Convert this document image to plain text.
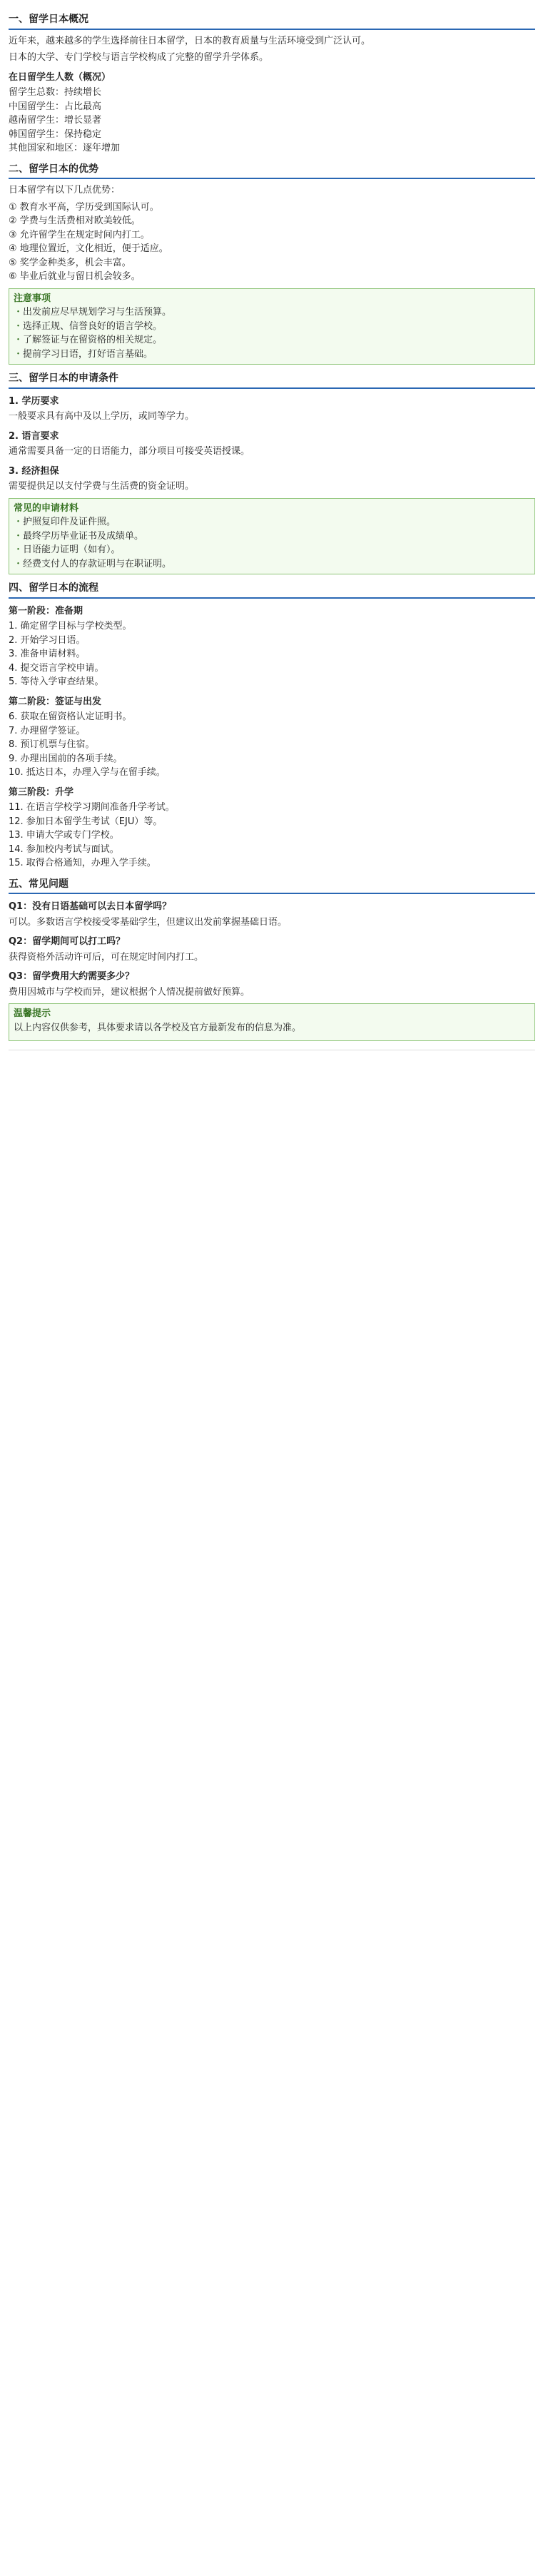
一、留学日本概况

近年来，越来越多的学生选择前往日本留学，日本的教育质量与生活环境受到广泛认可。

日本的大学、专门学校与语言学校构成了完整的留学升学体系。

在日留学生人数（概况）
留学生总数：持续增长
中国留学生：占比最高
越南留学生：增长显著
韩国留学生：保持稳定
其他国家和地区：逐年增加
二、留学日本的优势

日本留学有以下几点优势：

① 教育水平高，学历受到国际认可。
② 学费与生活费相对欧美较低。
③ 允许留学生在规定时间内打工。
④ 地理位置近，文化相近，便于适应。
⑤ 奖学金种类多，机会丰富。
⑥ 毕业后就业与留日机会较多。
注意事项
・ 出发前应尽早规划学习与生活预算。
・ 选择正规、信誉良好的语言学校。
・ 了解签证与在留资格的相关规定。
・ 提前学习日语，打好语言基础。
三、留学日本的申请条件
1. 学历要求

一般要求具有高中及以上学历，或同等学力。

2. 语言要求

通常需要具备一定的日语能力，部分项目可接受英语授课。

3. 经济担保

需要提供足以支付学费与生活费的资金证明。

常见的申请材料
・ 护照复印件及证件照。
・ 最终学历毕业证书及成绩单。
・ 日语能力证明（如有）。
・ 经费支付人的存款证明与在职证明。
四、留学日本的流程
第一阶段：准备期
1. 确定留学目标与学校类型。
2. 开始学习日语。
3. 准备申请材料。
4. 提交语言学校申请。
5. 等待入学审查结果。
第二阶段：签证与出发
6. 获取在留资格认定证明书。
7. 办理留学签证。
8. 预订机票与住宿。
9. 办理出国前的各项手续。
10. 抵达日本，办理入学与在留手续。
第三阶段：升学
11. 在语言学校学习期间准备升学考试。
12. 参加日本留学生考试（EJU）等。
13. 申请大学或专门学校。
14. 参加校内考试与面试。
15. 取得合格通知，办理入学手续。
五、常见问题
Q1：没有日语基础可以去日本留学吗？

可以。多数语言学校接受零基础学生，但建议出发前掌握基础日语。

Q2：留学期间可以打工吗？

获得资格外活动许可后，可在规定时间内打工。

Q3：留学费用大约需要多少？

费用因城市与学校而异，建议根据个人情况提前做好预算。

温馨提示

以上内容仅供参考，具体要求请以各学校及官方最新发布的信息为准。
